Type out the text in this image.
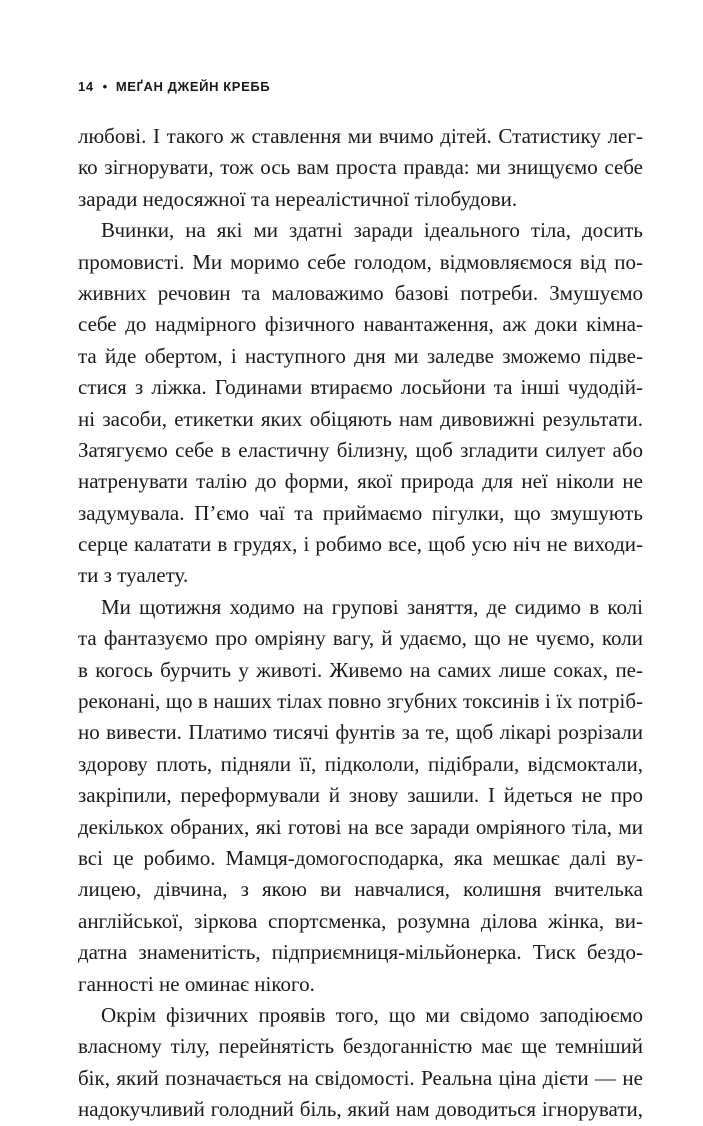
14 • МЕҐАН ДЖЕЙН КРЕББ
любові. І такого ж ставлення ми вчимо дітей. Статистику лег-
ко зігнорувати, тож ось вам проста правда: ми знищуємо себе
заради недосяжної та нереалістичної тілобудови.
Вчинки, на які ми здатні заради ідеального тіла, досить
промовисті. Ми моримо себе голодом, відмовляємося від по-
живних речовин та маловажимо базові потреби. Змушуємо
себе до надмірного фізичного навантаження, аж доки кімна-
та йде обертом, і наступного дня ми заледве зможемо підве-
стися з ліжка. Годинами втираємо лосьйони та інші чудодій-
ні засоби, етикетки яких обіцяють нам дивовижні результати.
Затягуємо себе в еластичну білизну, щоб згладити силует або
натренувати талію до форми, якої природа для неї ніколи не
задумувала. П’ємо чаї та приймаємо пігулки, що змушують
серце калатати в грудях, і робимо все, щоб усю ніч не виходи-
ти з туалету.
Ми щотижня ходимо на групові заняття, де сидимо в колі
та фантазуємо про омріяну вагу, й удаємо, що не чуємо, коли
в когось бурчить у животі. Живемо на самих лише соках, пе-
реконані, що в наших тілах повно згубних токсинів і їх потріб-
но вивести. Платимо тисячі фунтів за те, щоб лікарі розрізали
здорову плоть, підняли її, підкололи, підібрали, відсмоктали,
закріпили, переформували й знову зашили. І йдеться не про
декількох обраних, які готові на все заради омріяного тіла, ми
всі це робимо. Мамця-домогосподарка, яка мешкає далі ву-
лицею, дівчина, з якою ви навчалися, колишня вчителька
англійської, зіркова спортсменка, розумна ділова жінка, ви-
датна знаменитість, підприємниця-мільйонерка. Тиск бездо-
ганності не оминає нікого.
Окрім фізичних проявів того, що ми свідомо заподіюємо
власному тілу, перейнятість бездоганністю має ще темніший
бік, який позначається на свідомості. Реальна ціна дієти — не
надокучливий голодний біль, який нам доводиться ігнорувати,
